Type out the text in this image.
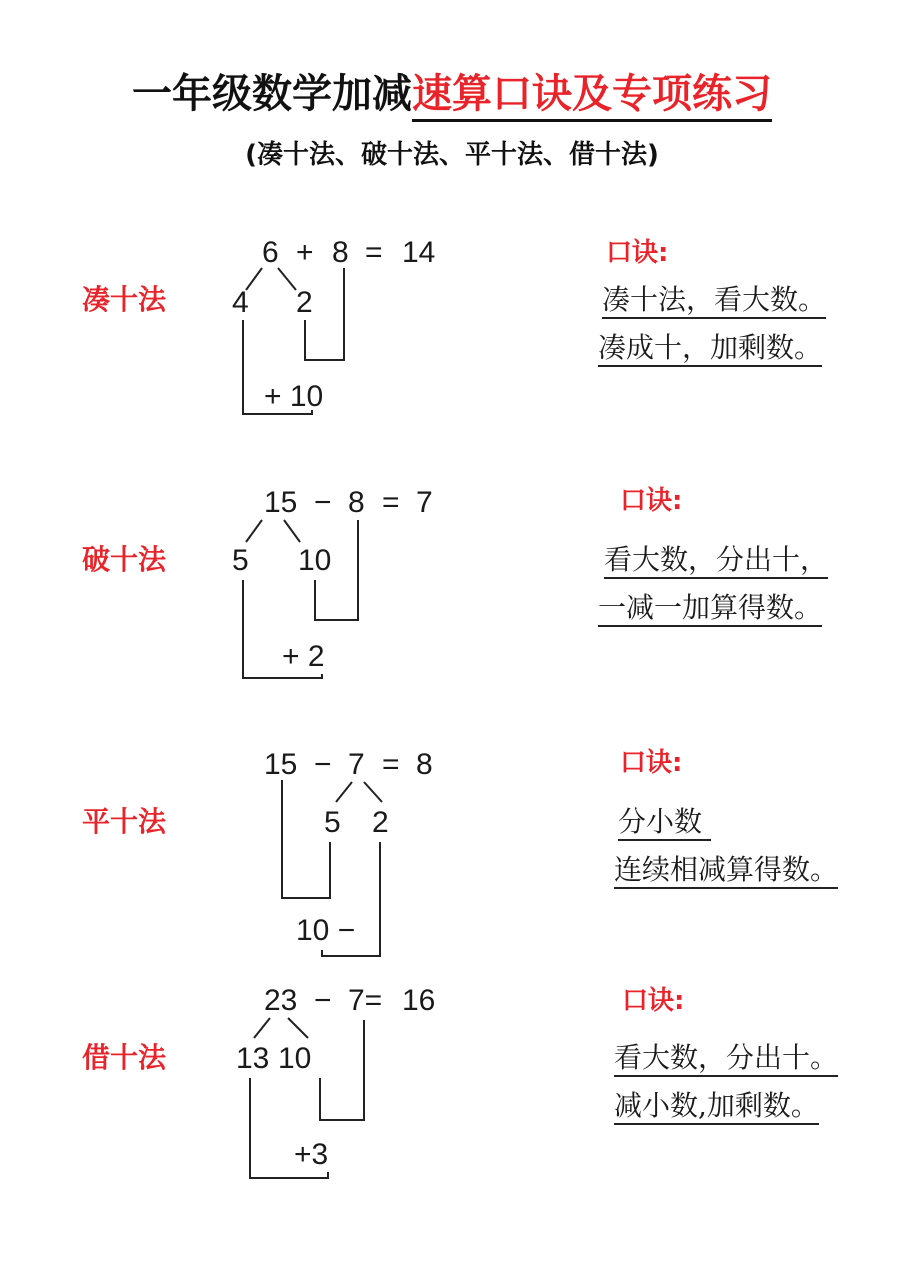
一年级数学加减速算口诀及专项练习
(凑十法、破十法、平十法、借十法)
凑十法
6 + 8 = 14
4 2
+ 10
口诀:
凑十法，看大数。
凑成十，加剩数。
破十法
15 − 8 = 7
5 10
+ 2
口诀:
看大数，分出十，
一减一加算得数。
平十法
15 − 7 = 8
5 2
10 −
口诀:
分小数
连续相减算得数。
借十法
23 − 7= 16
13 10
+3
口诀:
看大数，分出十。
减小数,加剩数。
